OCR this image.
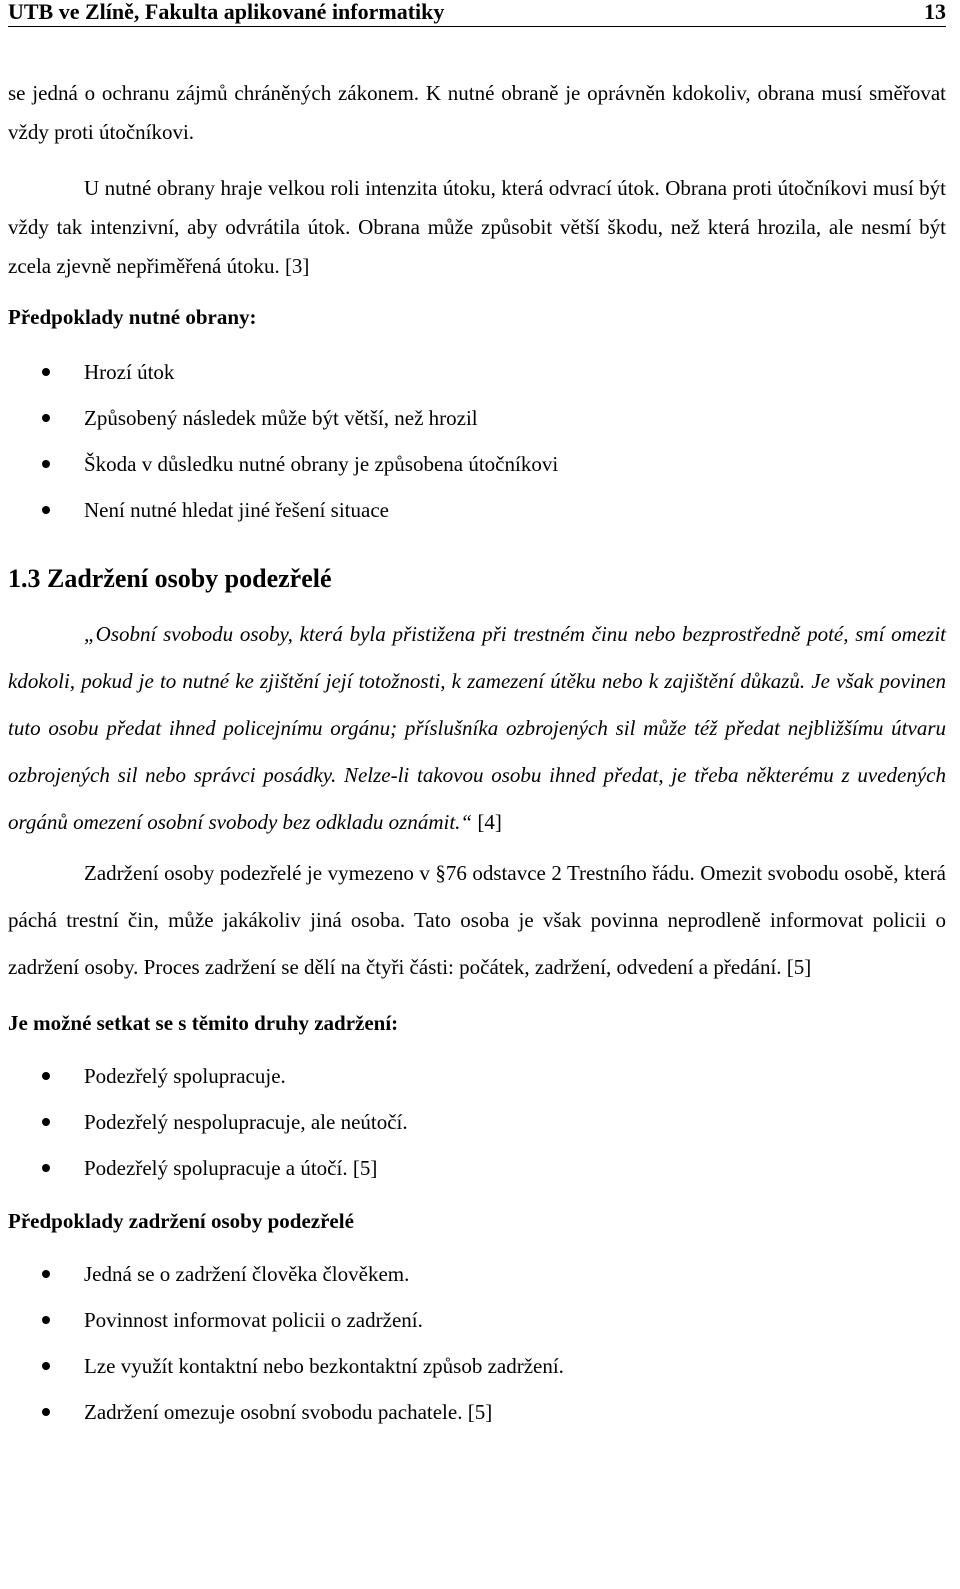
UTB ve Zlíně, Fakulta aplikované informatiky	13

se jedná o ochranu zájmů chráněných zákonem. K nutné obraně je oprávněn kdokoliv, obrana musí směřovat vždy proti útočníkovi.

U nutné obrany hraje velkou roli intenzita útoku, která odvrací útok. Obrana proti útočníkovi musí být vždy tak intenzivní, aby odvrátila útok. Obrana může způsobit větší škodu, než která hrozila, ale nesmí být zcela zjevně nepřiměřená útoku. [3]

Předpoklady nutné obrany:
Hrozí útok
Způsobený následek může být větší, než hrozil
Škoda v důsledku nutné obrany je způsobena útočníkovi
Není nutné hledat jiné řešení situace
1.3 Zadržení osoby podezřelé

„Osobní svobodu osoby, která byla přistižena při trestném činu nebo bezprostředně poté, smí omezit kdokoli, pokud je to nutné ke zjištění její totožnosti, k zamezení útěku nebo k zajištění důkazů. Je však povinen tuto osobu předat ihned policejnímu orgánu; příslušníka ozbrojených sil může též předat nejbližšímu útvaru ozbrojených sil nebo správci posádky. Nelze-li takovou osobu ihned předat, je třeba některému z uvedených orgánů omezení osobní svobody bez odkladu oznámit.“ [4]

Zadržení osoby podezřelé je vymezeno v §76 odstavce 2 Trestního řádu. Omezit svobodu osobě, která páchá trestní čin, může jakákoliv jiná osoba. Tato osoba je však povinna neprodleně informovat policii o zadržení osoby. Proces zadržení se dělí na čtyři části: počátek, zadržení, odvedení a předání. [5]

Je možné setkat se s těmito druhy zadržení:
Podezřelý spolupracuje.
Podezřelý nespolupracuje, ale neútočí.
Podezřelý spolupracuje a útočí. [5]
Předpoklady zadržení osoby podezřelé
Jedná se o zadržení člověka člověkem.
Povinnost informovat policii o zadržení.
Lze využít kontaktní nebo bezkontaktní způsob zadržení.
Zadržení omezuje osobní svobodu pachatele. [5]
